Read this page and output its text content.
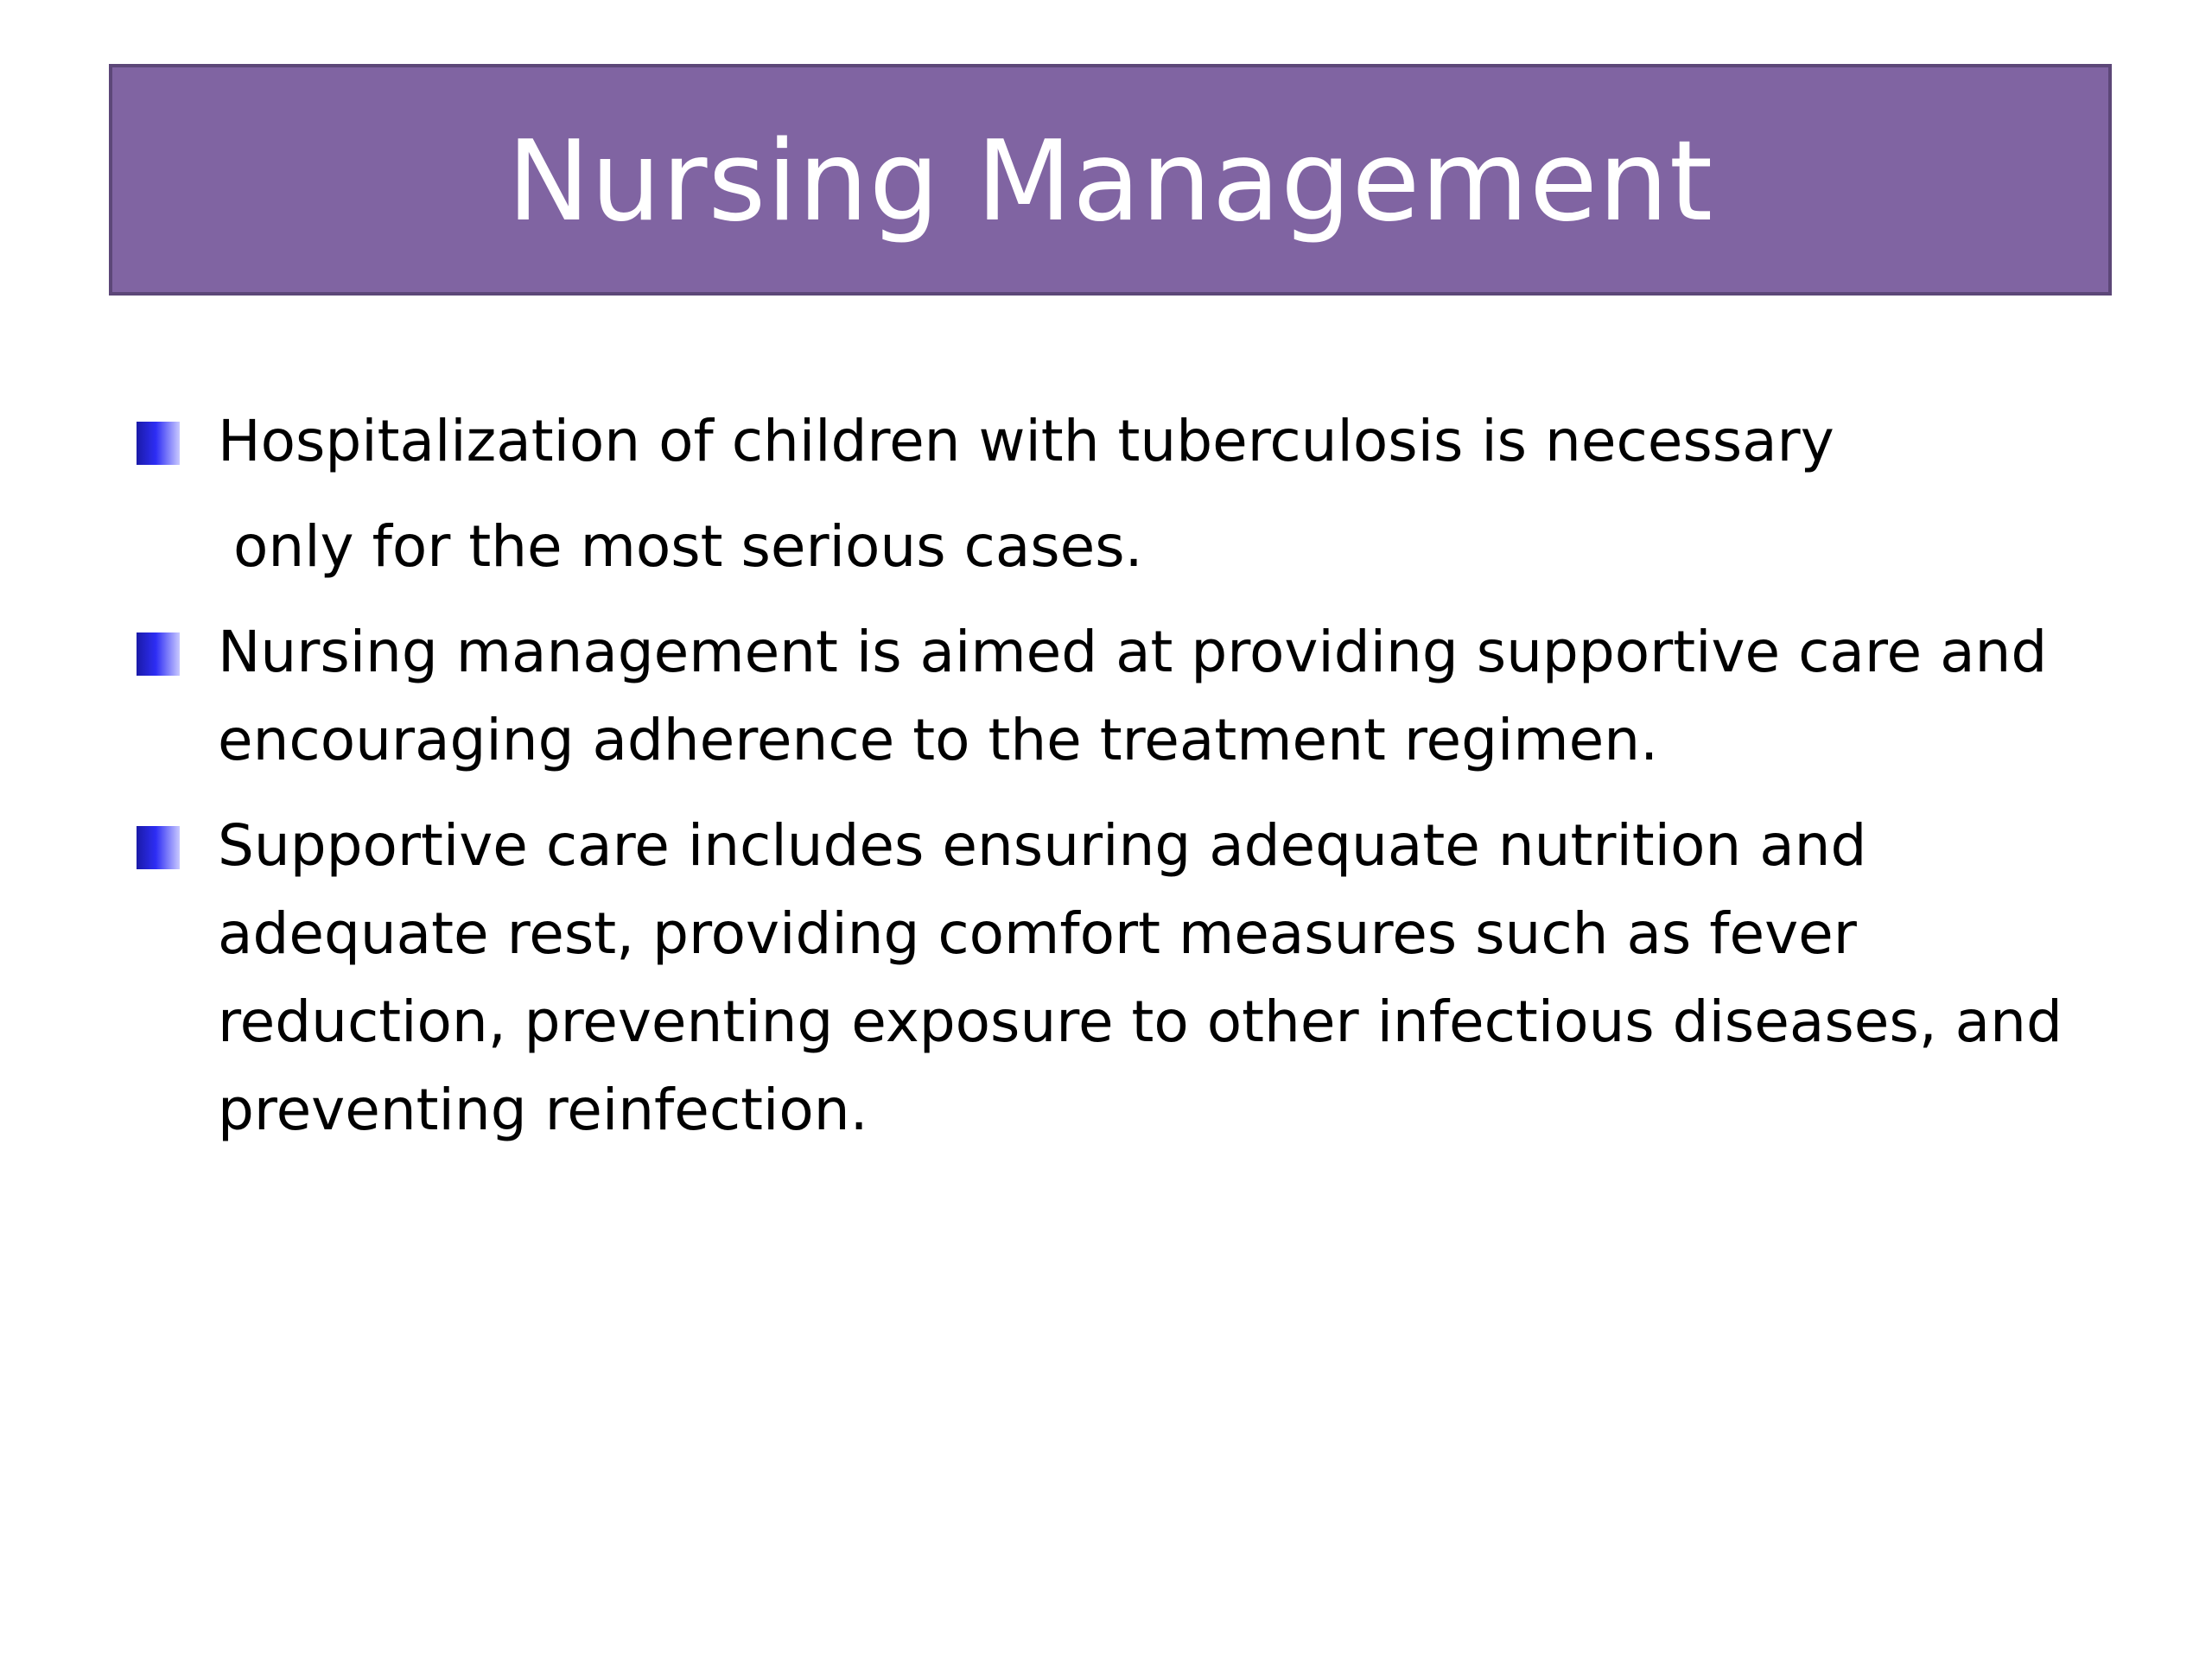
Nursing Management
Hospitalization of children with tuberculosis is necessary
only for the most serious cases.
Nursing management is aimed at providing supportive care and encouraging adherence to the treatment regimen.
Supportive care includes ensuring adequate nutrition and adequate rest, providing comfort measures such as fever reduction, preventing exposure to other infectious diseases, and preventing reinfection.
